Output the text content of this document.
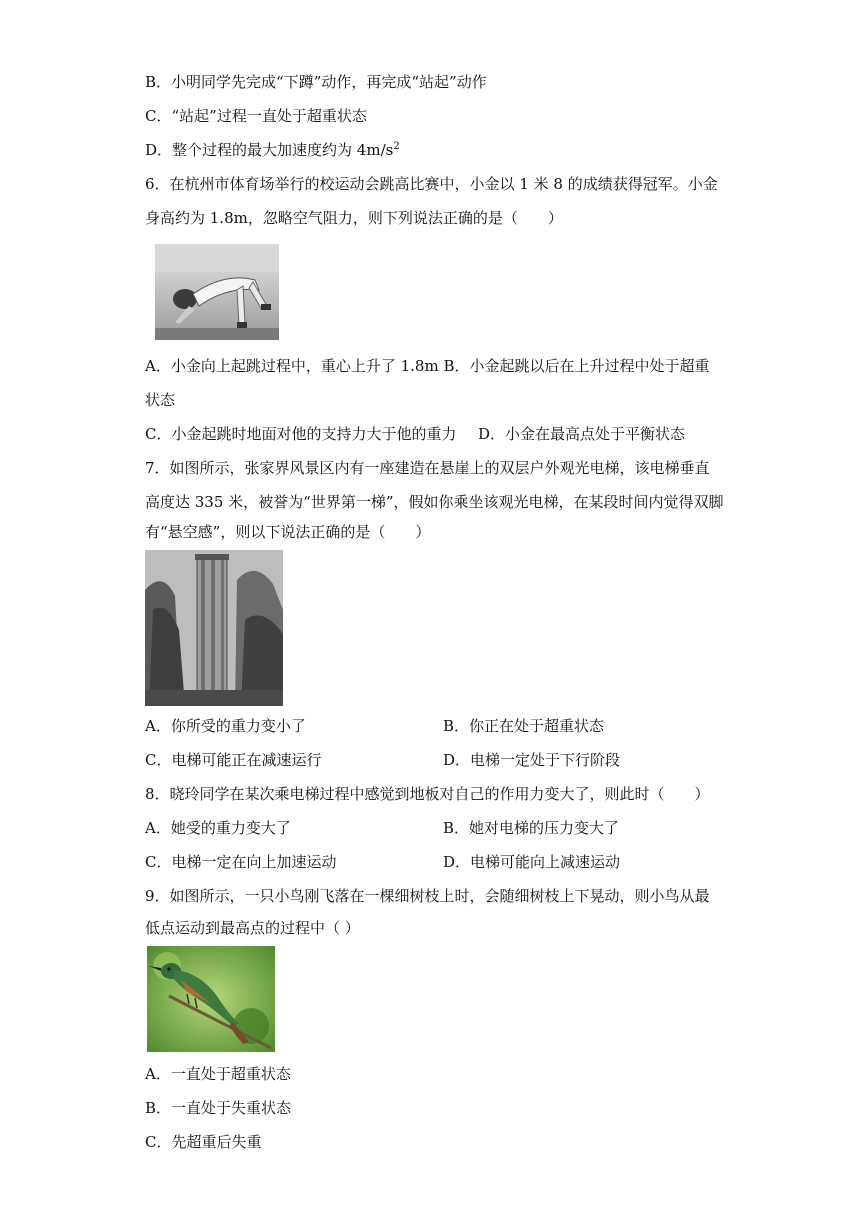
B．小明同学先完成“下蹲”动作，再完成“站起”动作
C．“站起”过程一直处于超重状态
D．整个过程的最大加速度约为 $4m/s^2$
6．在杭州市体育场举行的校运动会跳高比赛中，小金以 1 米 8 的成绩获得冠军。小金
身高约为 1.8m，忽略空气阻力，则下列说法正确的是（　　）
A．小金向上起跳过程中，重心上升了 1.8m B．小金起跳以后在上升过程中处于超重
状态
C．小金起跳时地面对他的支持力大于他的重力 D．小金在最高点处于平衡状态
7．如图所示，张家界风景区内有一座建造在悬崖上的双层户外观光电梯，该电梯垂直
高度达 335 米，被誉为“世界第一梯”，假如你乘坐该观光电梯，在某段时间内觉得双脚
有“悬空感”，则以下说法正确的是（　　）
A．你所受的重力变小了	B．你正在处于超重状态
C．电梯可能正在减速运行	D．电梯一定处于下行阶段
8．晓玲同学在某次乘电梯过程中感觉到地板对自己的作用力变大了，则此时（　　）
A．她受的重力变大了	B．她对电梯的压力变大了
C．电梯一定在向上加速运动	D．电梯可能向上减速运动
9．如图所示，一只小鸟刚飞落在一棵细树枝上时，会随细树枝上下晃动，则小鸟从最
低点运动到最高点的过程中（ ）
A．一直处于超重状态
B．一直处于失重状态
C．先超重后失重
